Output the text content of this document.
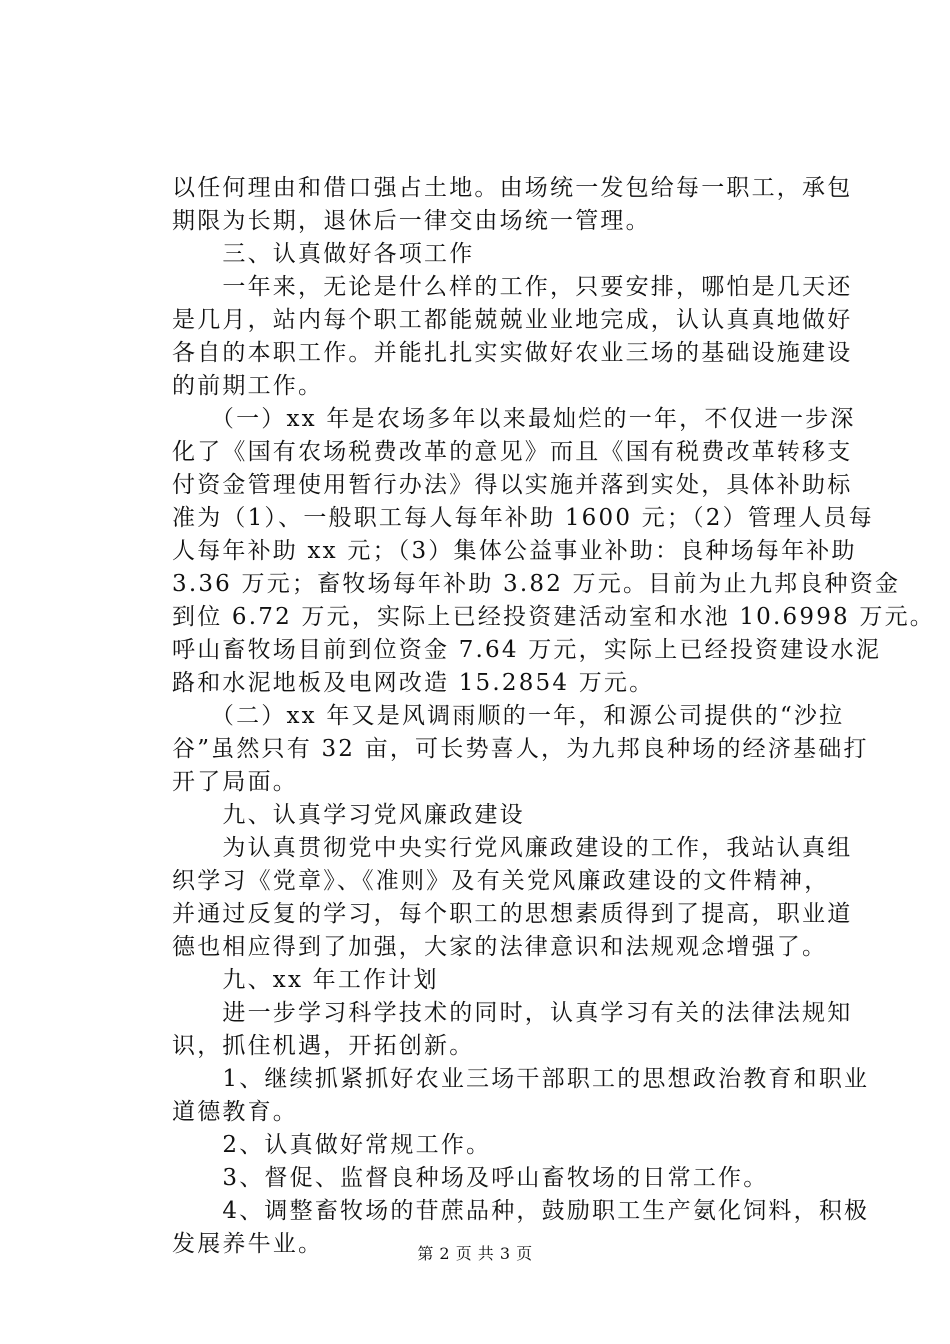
以任何理由和借口强占土地。由场统一发包给每一职工，承包
期限为长期，退休后一律交由场统一管理。
　　三、认真做好各项工作
　　一年来，无论是什么样的工作，只要安排，哪怕是几天还
是几月，站内每个职工都能兢兢业业地完成，认认真真地做好
各自的本职工作。并能扎扎实实做好农业三场的基础设施建设
的前期工作。
　　（一）xx 年是农场多年以来最灿烂的一年，不仅进一步深
化了《国有农场税费改革的意见》而且《国有税费改革转移支
付资金管理使用暂行办法》得以实施并落到实处，具体补助标
准为（1）、一般职工每人每年补助 1600 元；（2）管理人员每
人每年补助 xx 元；（3）集体公益事业补助：良种场每年补助
3.36 万元；畜牧场每年补助 3.82 万元。目前为止九邦良种资金
到位 6.72 万元，实际上已经投资建活动室和水池 10.6998 万元。
呼山畜牧场目前到位资金 7.64 万元，实际上已经投资建设水泥
路和水泥地板及电网改造 15.2854 万元。
　　（二）xx 年又是风调雨顺的一年，和源公司提供的“沙拉
谷”虽然只有 32 亩，可长势喜人，为九邦良种场的经济基础打
开了局面。
　　九、认真学习党风廉政建设
　　为认真贯彻党中央实行党风廉政建设的工作，我站认真组
织学习《党章》、《准则》及有关党风廉政建设的文件精神，
并通过反复的学习，每个职工的思想素质得到了提高，职业道
德也相应得到了加强，大家的法律意识和法规观念增强了。
　　九、xx 年工作计划
　　进一步学习科学技术的同时，认真学习有关的法律法规知
识，抓住机遇，开拓创新。
　　1、继续抓紧抓好农业三场干部职工的思想政治教育和职业
道德教育。
　　2、认真做好常规工作。
　　3、督促、监督良种场及呼山畜牧场的日常工作。
　　4、调整畜牧场的苷蔗品种，鼓励职工生产氨化饲料，积极
发展养牛业。	第 2 页 共 3 页
